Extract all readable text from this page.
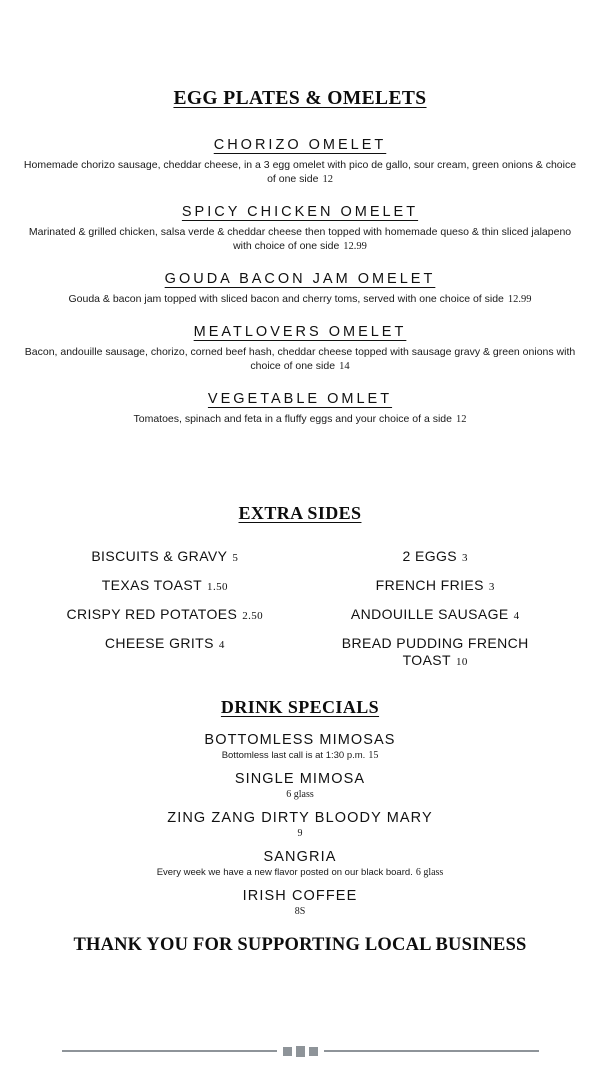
EGG PLATES & OMELETS
CHORIZO OMELET
Homemade chorizo sausage, cheddar cheese, in a 3 egg omelet with pico de gallo, sour cream, green onions & choice of one side 12
SPICY CHICKEN OMELET
Marinated & grilled chicken, salsa verde & cheddar cheese then topped with homemade queso & thin sliced jalapeno with choice of one side 12.99
GOUDA BACON JAM OMELET
Gouda & bacon jam topped with sliced bacon and cherry toms, served with one choice of side 12.99
MEATLOVERS OMELET
Bacon, andouille sausage, chorizo, corned beef hash, cheddar cheese topped with sausage gravy & green onions with choice of one side 14
VEGETABLE OMLET
Tomatoes, spinach and feta in a fluffy eggs and your choice of a side 12
EXTRA SIDES
BISCUITS & GRAVY 5
TEXAS TOAST 1.50
CRISPY RED POTATOES 2.50
CHEESE GRITS 4
2 EGGS 3
FRENCH FRIES 3
ANDOUILLE SAUSAGE 4
BREAD PUDDING FRENCH TOAST 10
DRINK SPECIALS
BOTTOMLESS MIMOSAS
Bottomless last call is at 1:30 p.m. 15
SINGLE MIMOSA
6 glass
ZING ZANG DIRTY BLOODY MARY
9
SANGRIA
Every week we have a new flavor posted on our black board. 6 glass
IRISH COFFEE
8S
THANK YOU FOR SUPPORTING LOCAL BUSINESS
